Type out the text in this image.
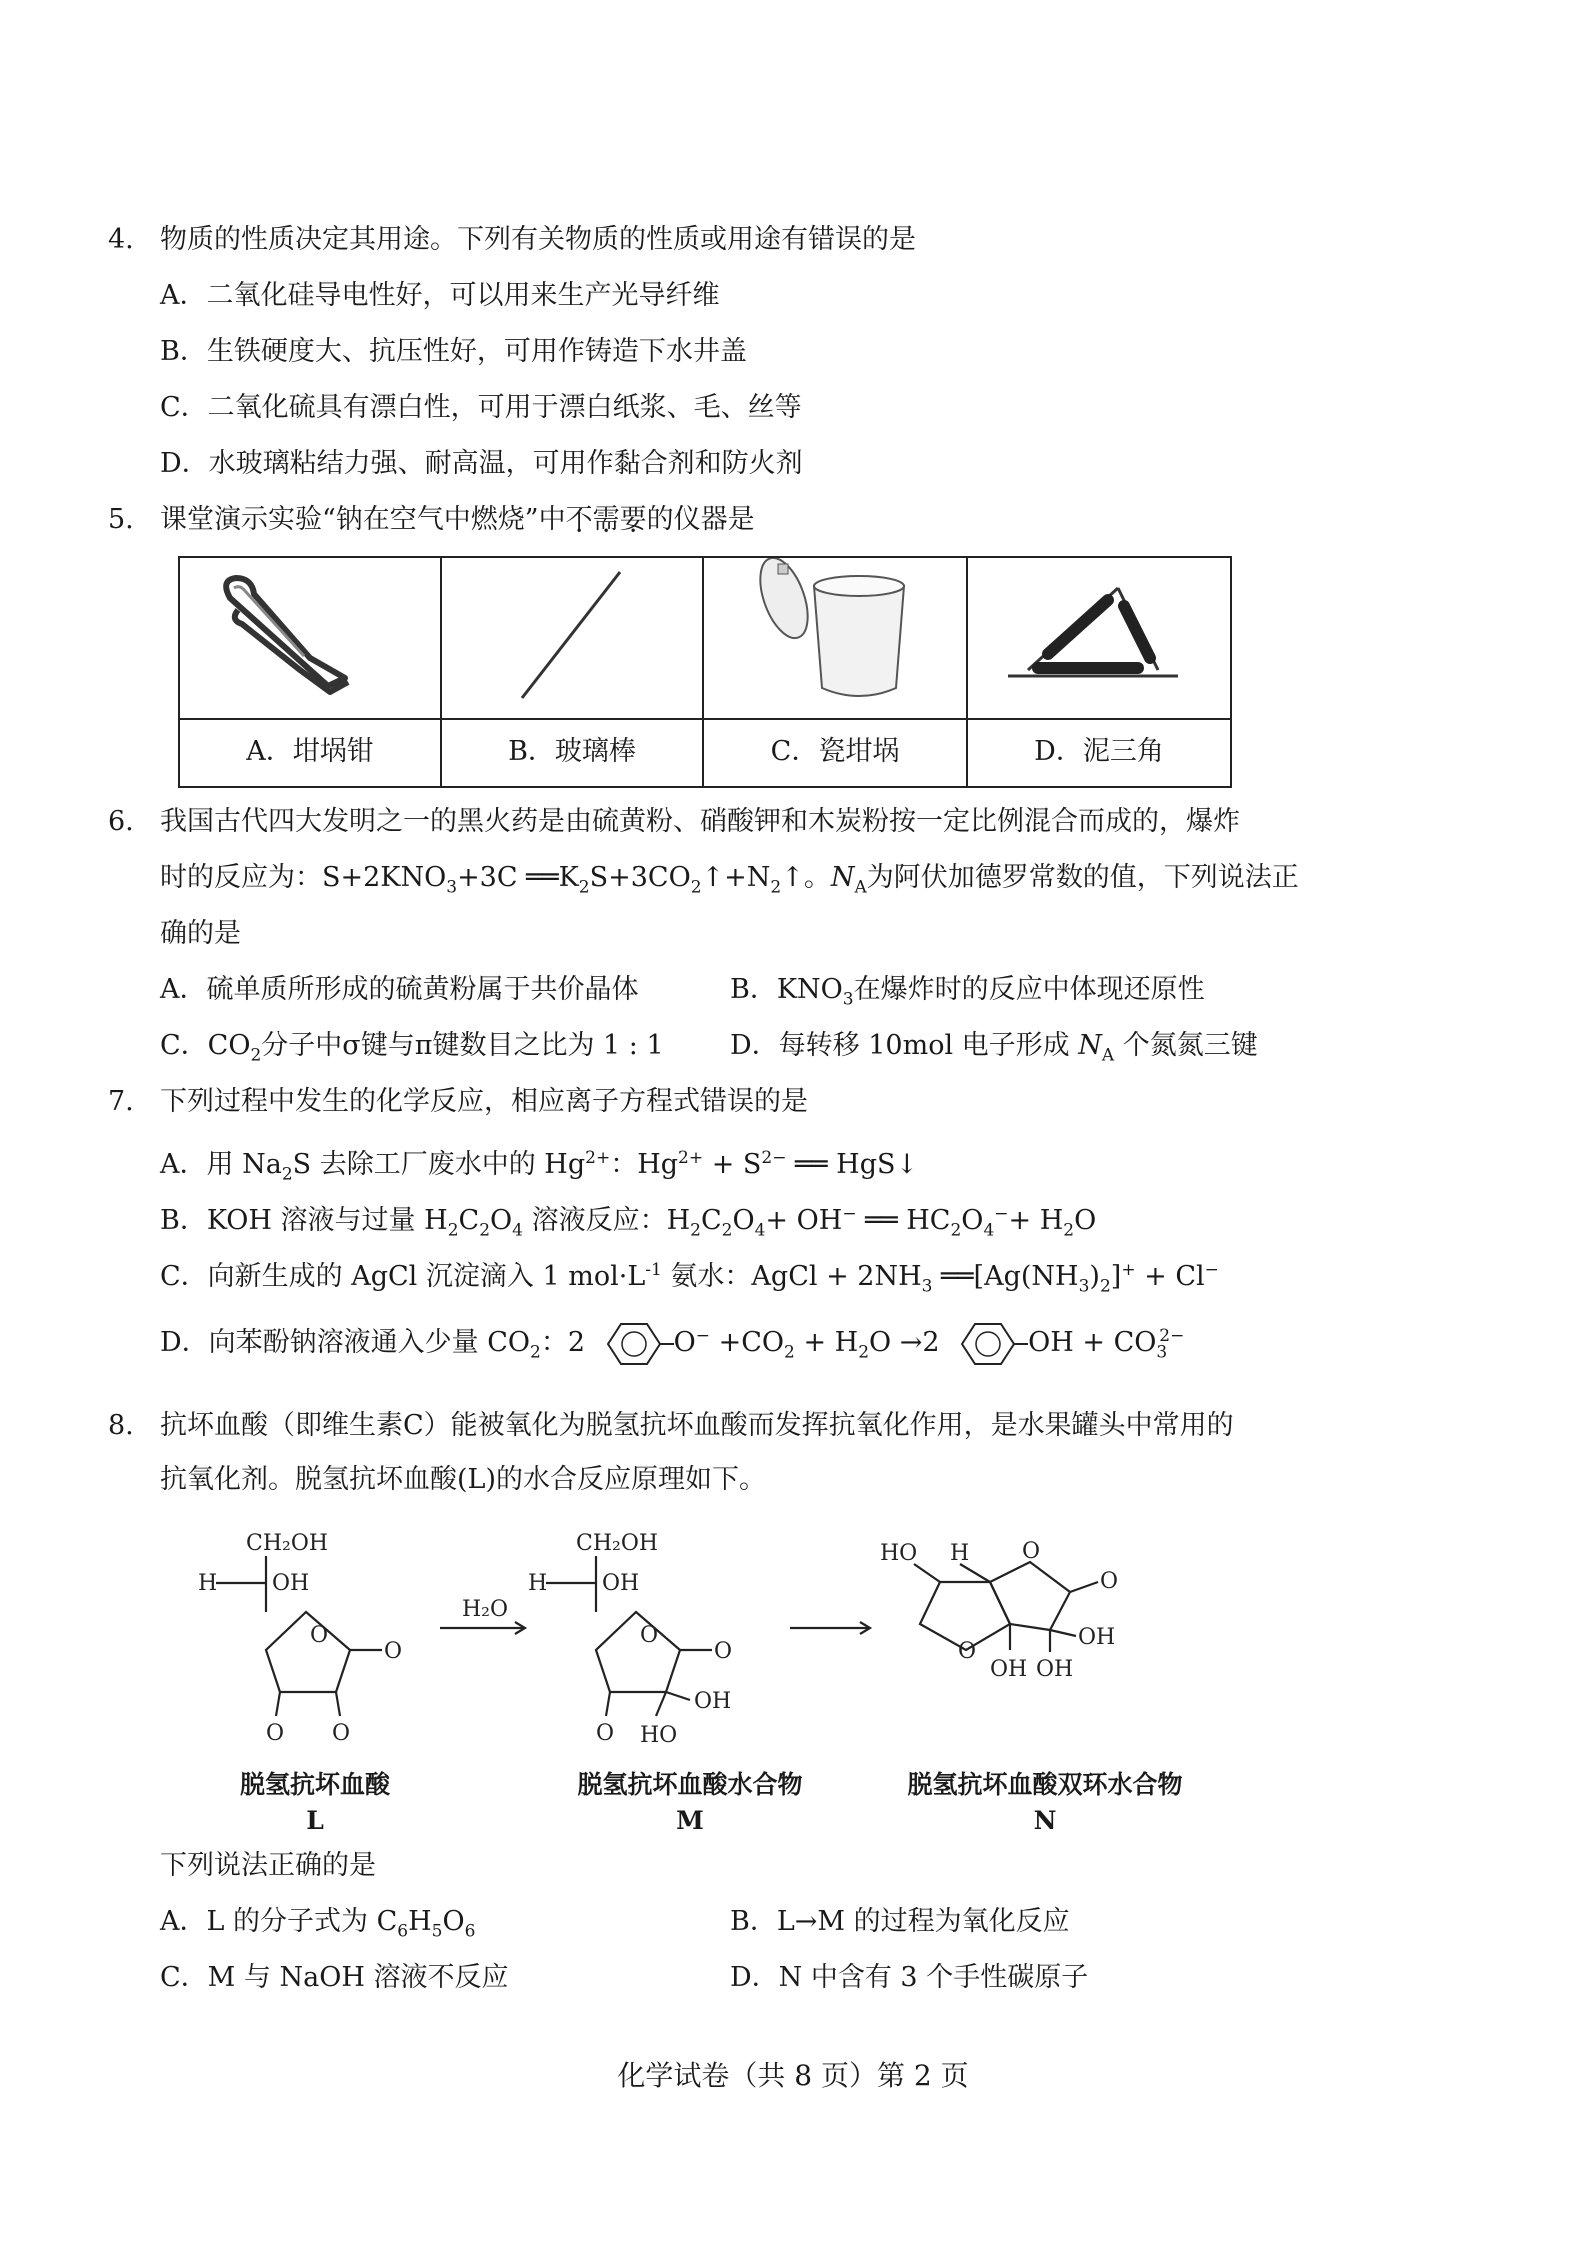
4. 物质的性质决定其用途。下列有关物质的性质或用途有错误的是
A．二氧化硅导电性好，可以用来生产光导纤维
B．生铁硬度大、抗压性好，可用作铸造下水井盖
C．二氧化硫具有漂白性，可用于漂白纸浆、毛、丝等
D．水玻璃粘结力强、耐高温，可用作黏合剂和防火剂
5. 课堂演示实验“钠在空气中燃烧”中不需要的仪器是
A．坩埚钳	B．玻璃棒	C．瓷坩埚	D．泥三角
6. 我国古代四大发明之一的黑火药是由硫黄粉、硝酸钾和木炭粉按一定比例混合而成的，爆炸
时的反应为：$S+2KNO_3+3C$ $══K_2S+3CO_2↑+N_2↑$。$N_A$为阿伏加德罗常数的值，下列说法正
确的是
A．硫单质所形成的硫黄粉属于共价晶体	B．$KNO_3$在爆炸时的反应中体现还原性
C．$CO_2$分子中σ键与π键数目之比为 1 : 1 D．每转移 10mol 电子形成 $N_A$ 个氮氮三键
7. 下列过程中发生的化学反应，相应离子方程式错误的是
A．用 $Na_2S$ 去除工厂废水中的 $Hg^{2+}$：$Hg^{2+} + S^{2-}$ ══ HgS↓
B．KOH 溶液与过量 $H_2C_2O_4$ 溶液反应：$H_2C_2O_4+ OH^-$ ══ $HC_2O_4^-+ H_2O$
C．向新生成的 AgCl 沉淀滴入 1 $mol\cdot L^{-1}$ 氨水：AgCl + $2NH_3$ $══[Ag(NH_3)_2]^+ + Cl^-$
D．向苯酚钠溶液通入少量 $CO_2$：2	$O^- +CO_2 + H_2O \to 2$	OH + $CO_3^{2-}$
8. 抗坏血酸（即维生素C）能被氧化为脱氢抗坏血酸而发挥抗氧化作用，是水果罐头中常用的
抗氧化剂。脱氢抗坏血酸(L)的水合反应原理如下。
CH₂OH
H OH
O
O
O O
H₂O
CH₂OH
H OH
O
O
O
OH
HO
HO H O
O
O
OH
OH OH
脱氢抗坏血酸
L
脱氢抗坏血酸水合物
M
脱氢抗坏血酸双环水合物
N
下列说法正确的是
A．L 的分子式为 $C_6H_5O_6$	B．L→M 的过程为氧化反应
C．M 与 NaOH 溶液不反应	D．N 中含有 3 个手性碳原子
化学试卷（共 8 页）第 2 页
